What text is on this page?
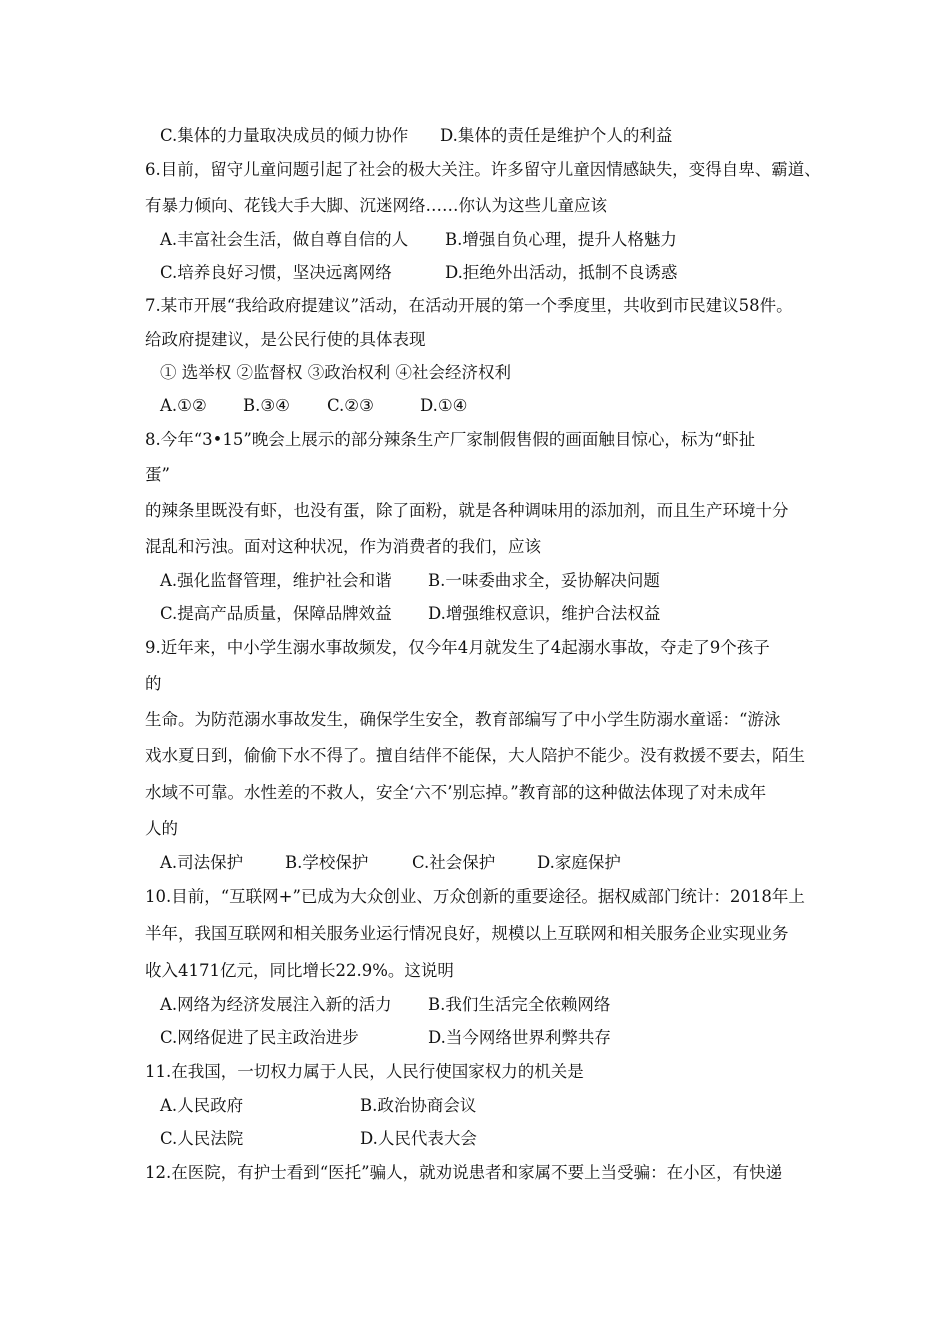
C.集体的力量取决成员的倾力协作 D.集体的责任是维护个人的利益
6.目前，留守儿童问题引起了社会的极大关注。许多留守儿童因情感缺失，变得自卑、霸道、
有暴力倾向、花钱大手大脚、沉迷网络……你认为这些儿童应该
A.丰富社会生活，做自尊自信的人 B.增强自负心理，提升人格魅力
C.培养良好习惯，坚决远离网络	D.拒绝外出活动，抵制不良诱惑
7.某市开展“我给政府提建议”活动，在活动开展的第一个季度里，共收到市民建议58件。
给政府提建议，是公民行使的具体表现
① 选举权 ②监督权 ③政治权利 ④社会经济权利
A.①② B.③④ C.②③	D.①④
8.今年“3•15”晚会上展示的部分辣条生产厂家制假售假的画面触目惊心，标为“虾扯
蛋”
的辣条里既没有虾，也没有蛋，除了面粉，就是各种调味用的添加剂，而且生产环境十分
混乱和污浊。面对这种状况，作为消费者的我们，应该
A.强化监督管理，维护社会和谐 B.一味委曲求全，妥协解决问题
C.提高产品质量，保障品牌效益 D.增强维权意识，维护合法权益
9.近年来，中小学生溺水事故频发，仅今年4月就发生了4起溺水事故，夺走了9个孩子
的
生命。为防范溺水事故发生，确保学生安全，教育部编写了中小学生防溺水童谣：“游泳
戏水夏日到，偷偷下水不得了。擅自结伴不能保，大人陪护不能少。没有救援不要去，陌生
水域不可靠。水性差的不救人，安全‘六不’别忘掉。”教育部的这种做法体现了对未成年
人的
A.司法保护	B.学校保护	C.社会保护	D.家庭保护
10.目前，“互联网+”已成为大众创业、万众创新的重要途径。据权威部门统计：2018年上
半年，我国互联网和相关服务业运行情况良好，规模以上互联网和相关服务企业实现业务
收入4171亿元，同比增长22.9%。这说明
A.网络为经济发展注入新的活力 B.我们生活完全依赖网络
C.网络促进了民主政治进步	D.当今网络世界利弊共存
11.在我国，一切权力属于人民，人民行使国家权力的机关是
A.人民政府	B.政治协商会议
C.人民法院	D.人民代表大会
12.在医院，有护士看到“医托”骗人，就劝说患者和家属不要上当受骗：在小区，有快递
